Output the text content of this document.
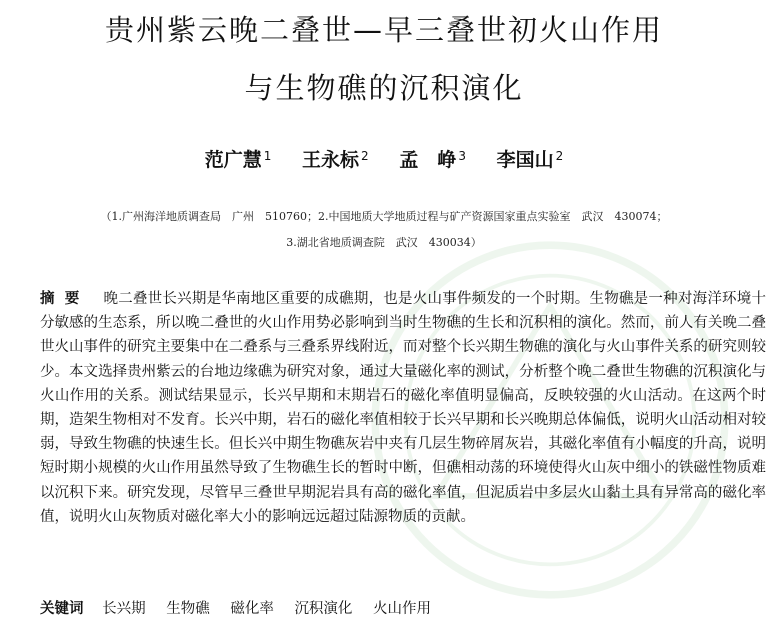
贵州紫云晚二叠世—早三叠世初火山作用
与生物礁的沉积演化
范广慧 $^1$ 王永标 $^2$ 孟　峥 $^3$ 李国山 $^2$
（1.广州海洋地质调查局　广州　510760；2.中国地质大学地质过程与矿产资源国家重点实验室　武汉　430074；
3.湖北省地质调查院　武汉　430034）
摘要 晚二叠世长兴期是华南地区重要的成礁期，也是火山事件频发的一个时期。生物礁是一种对海洋环境十分敏感的生态系，所以晚二叠世的火山作用势必影响到当时生物礁的生长和沉积相的演化。然而，前人有关晚二叠世火山事件的研究主要集中在二叠系与三叠系界线附近，而对整个长兴期生物礁的演化与火山事件关系的研究则较少。本文选择贵州紫云的台地边缘礁为研究对象，通过大量磁化率的测试，分析整个晚二叠世生物礁的沉积演化与火山作用的关系。测试结果显示，长兴早期和末期岩石的磁化率值明显偏高，反映较强的火山活动。在这两个时期，造架生物相对不发育。长兴中期，岩石的磁化率值相较于长兴早期和长兴晚期总体偏低，说明火山活动相对较弱，导致生物礁的快速生长。但长兴中期生物礁灰岩中夹有几层生物碎屑灰岩，其磁化率值有小幅度的升高，说明短时期小规模的火山作用虽然导致了生物礁生长的暂时中断，但礁相动荡的环境使得火山灰中细小的铁磁性物质难以沉积下来。研究发现，尽管早三叠世早期泥岩具有高的磁化率值，但泥质岩中多层火山黏土具有异常高的磁化率值，说明火山灰物质对磁化率大小的影响远远超过陆源物质的贡献。
关键词 长兴期 生物礁 磁化率 沉积演化 火山作用
